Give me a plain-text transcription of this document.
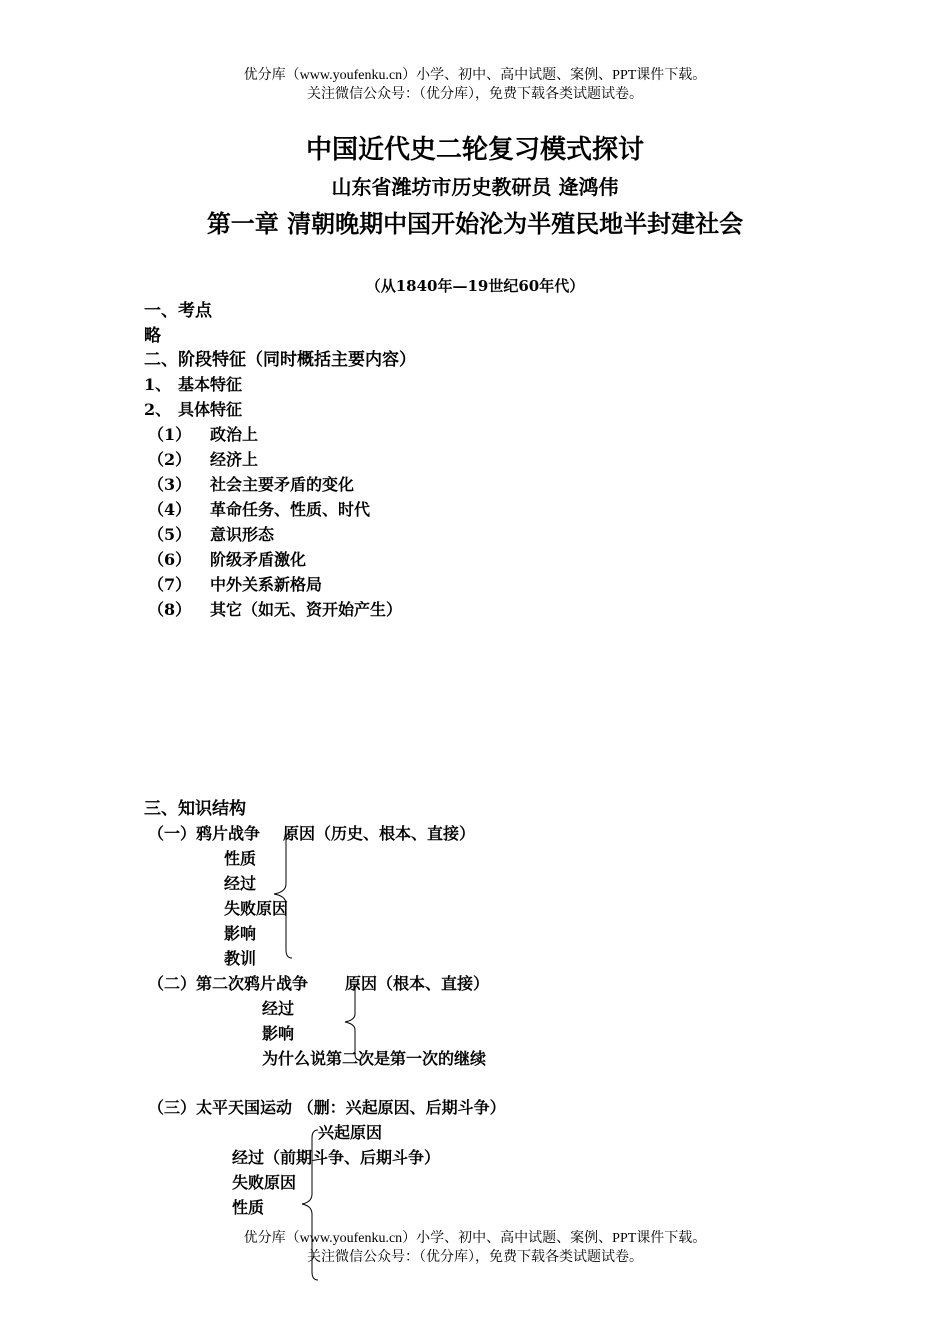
优分库（www.youfenku.cn）小学、初中、高中试题、案例、PPT课件下载。
关注微信公众号：（优分库），免费下载各类试题试卷。
中国近代史二轮复习模式探讨
山东省潍坊市历史教研员 逄鸿伟
第一章 清朝晚期中国开始沦为半殖民地半封建社会
（从1840年—19世纪60年代）
一、考点
略
二、阶段特征（同时概括主要内容）
1、 基本特征
2、 具体特征
（1） 政治上
（2） 经济上
（3） 社会主要矛盾的变化
（4） 革命任务、性质、时代
（5） 意识形态
（6） 阶级矛盾激化
（7） 中外关系新格局
（8） 其它（如无、资开始产生）
三、知识结构
（一）鸦片战争 原因（历史、根本、直接）
性质
经过
失败原因
影响
教训
（二）第二次鸦片战争 原因（根本、直接）
经过
影响
为什么说第二次是第一次的继续
（三）太平天国运动 （删：兴起原因、后期斗争）
兴起原因
经过（前期斗争、后期斗争）
失败原因
性质
优分库（www.youfenku.cn）小学、初中、高中试题、案例、PPT课件下载。
关注微信公众号：（优分库），免费下载各类试题试卷。
